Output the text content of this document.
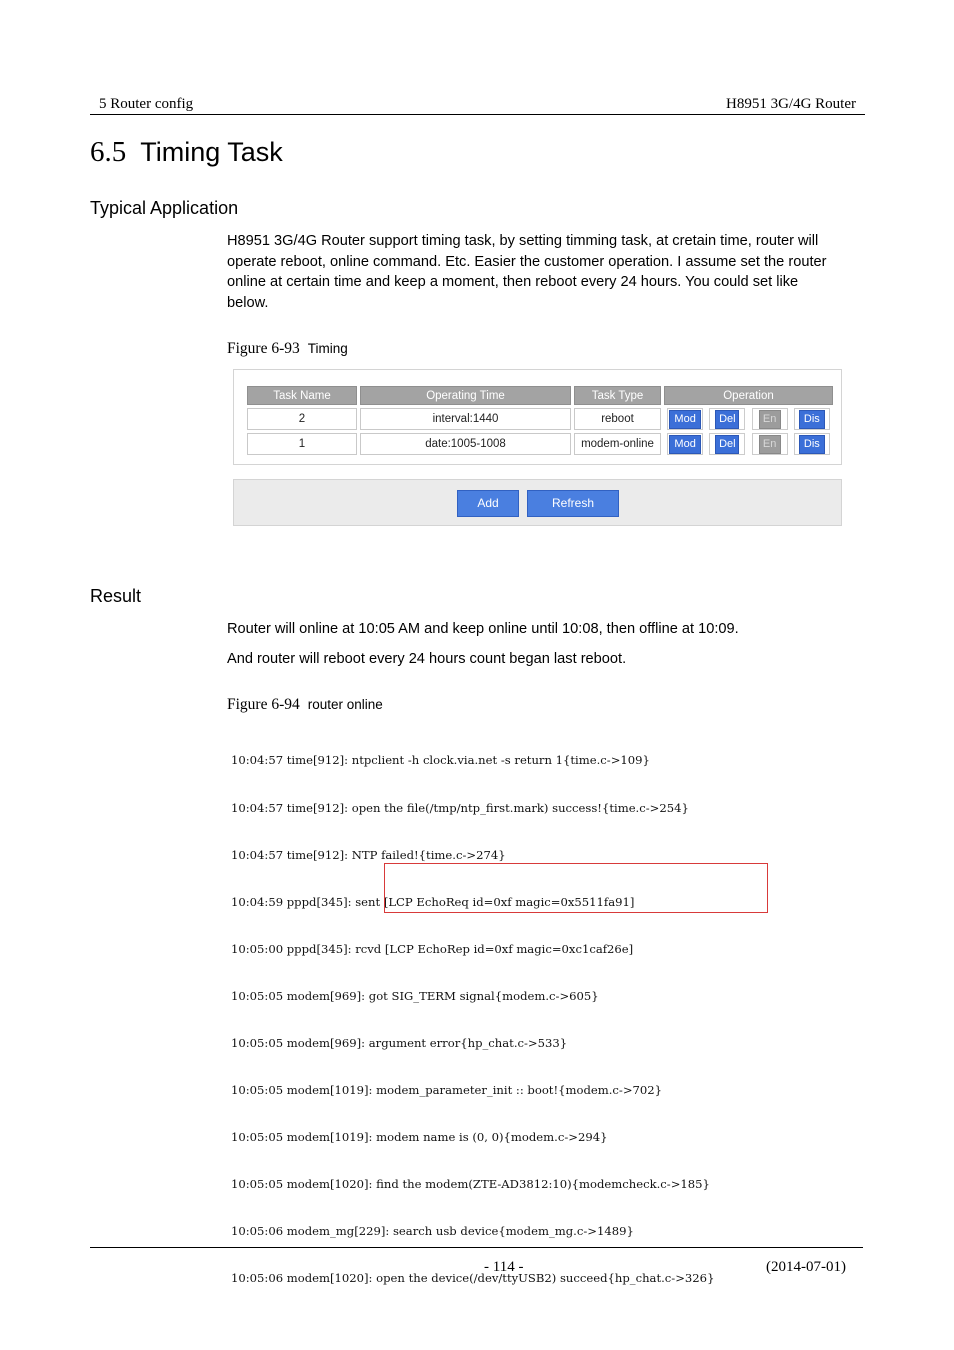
5 Router config	H8951 3G/4G Router
6.5 Timing Task
Typical Application
H8951 3G/4G Router support timing task, by setting timming task, at cretain time, router will
operate reboot, online command. Etc. Easier the customer operation. I assume set the router
online at certain time and keep a moment, then reboot every 24 hours. You could set like
below.
Figure 6-93 Timing
Task Name	Operating Time	Task Type	Operation
2	interval:1440	reboot	Mod Del En Dis

1	date:1005-1008	modem-online	Mod Del En Dis
Add	Refresh
Result
Router will online at 10:05 AM and keep online until 10:08, then offline at 10:09.
And router will reboot every 24 hours count began last reboot.
Figure 6-94 router online

10:04:57 time[912]: ntpclient -h clock.via.net -s return 1{time.c->109}

10:04:57 time[912]: open the file(/tmp/ntp_first.mark) success!{time.c->254}

10:04:57 time[912]: NTP failed!{time.c->274}

10:04:59 pppd[345]: sent [LCP EchoReq id=0xf magic=0x5511fa91]

10:05:00 pppd[345]: rcvd [LCP EchoRep id=0xf magic=0xc1caf26e]

10:05:05 modem[969]: got SIG_TERM signal{modem.c->605}

10:05:05 modem[969]: argument error{hp_chat.c->533}

10:05:05 modem[1019]: modem_parameter_init :: boot!{modem.c->702}

10:05:05 modem[1019]: modem name is (0, 0){modem.c->294}

10:05:05 modem[1020]: find the modem(ZTE-AD3812:10){modemcheck.c->185}

10:05:06 modem_mg[229]: search usb device{modem_mg.c->1489}

10:05:06 modem[1020]: open the device(/dev/ttyUSB2) succeed{hp_chat.c->326}

- 114 -	(2014-07-01)
